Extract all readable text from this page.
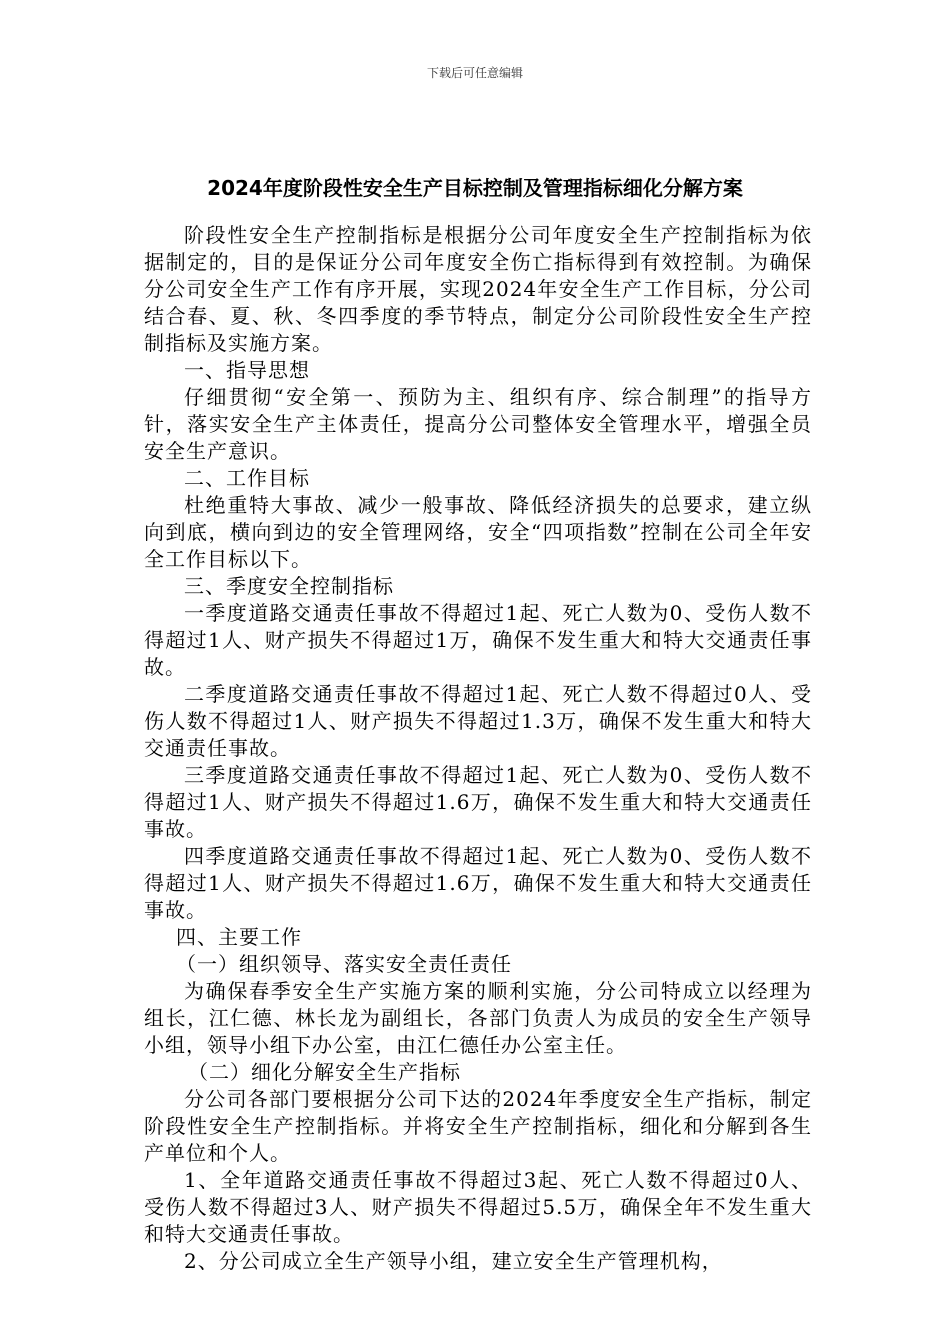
下载后可任意编辑
2024年度阶段性安全生产目标控制及管理指标细化分解方案

阶段性安全生产控制指标是根据分公司年度安全生产控制指标为依据制定的，目的是保证分公司年度安全伤亡指标得到有效控制。为确保分公司安全生产工作有序开展，实现2024年安全生产工作目标，分公司结合春、夏、秋、冬四季度的季节特点，制定分公司阶段性安全生产控制指标及实施方案。

一、指导思想

仔细贯彻“安全第一、预防为主、组织有序、综合制理”的指导方针，落实安全生产主体责任，提高分公司整体安全管理水平，增强全员安全生产意识。

二、工作目标

杜绝重特大事故、减少一般事故、降低经济损失的总要求，建立纵向到底，横向到边的安全管理网络，安全“四项指数”控制在公司全年安全工作目标以下。

三、季度安全控制指标

一季度道路交通责任事故不得超过1起、死亡人数为0、受伤人数不得超过1人、财产损失不得超过1万，确保不发生重大和特大交通责任事故。

二季度道路交通责任事故不得超过1起、死亡人数不得超过0人、受伤人数不得超过1人、财产损失不得超过1.3万，确保不发生重大和特大交通责任事故。

三季度道路交通责任事故不得超过1起、死亡人数为0、受伤人数不得超过1人、财产损失不得超过1.6万，确保不发生重大和特大交通责任事故。

四季度道路交通责任事故不得超过1起、死亡人数为0、受伤人数不得超过1人、财产损失不得超过1.6万，确保不发生重大和特大交通责任事故。

四、主要工作

（一）组织领导、落实安全责任责任

为确保春季安全生产实施方案的顺利实施，分公司特成立以经理为组长，江仁德、林长龙为副组长，各部门负责人为成员的安全生产领导小组，领导小组下办公室，由江仁德任办公室主任。

（二）细化分解安全生产指标

分公司各部门要根据分公司下达的2024年季度安全生产指标，制定阶段性安全生产控制指标。并将安全生产控制指标，细化和分解到各生产单位和个人。

1、全年道路交通责任事故不得超过3起、死亡人数不得超过0人、受伤人数不得超过3人、财产损失不得超过5.5万，确保全年不发生重大和特大交通责任事故。

2、分公司成立全生产领导小组，建立安全生产管理机构，
